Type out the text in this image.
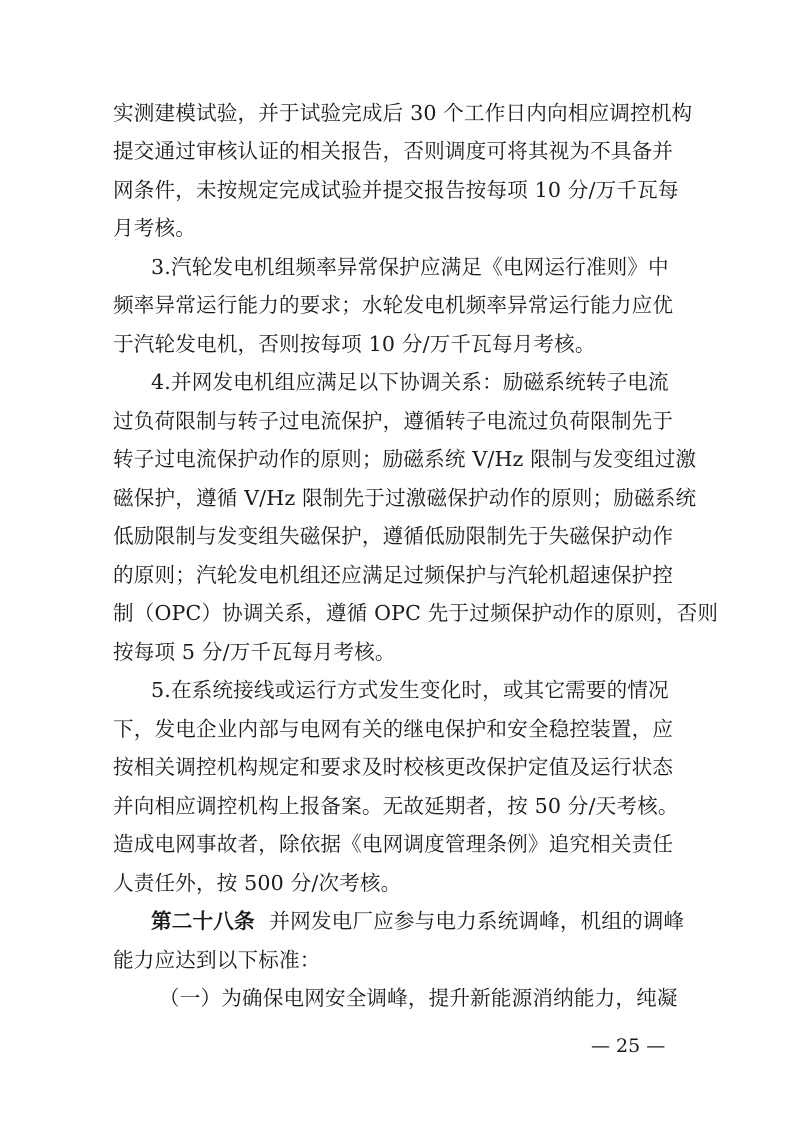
实测建模试验，并于试验完成后 30 个工作日内向相应调控机构
提交通过审核认证的相关报告，否则调度可将其视为不具备并
网条件，未按规定完成试验并提交报告按每项 10 分/万千瓦每
月考核。
3.汽轮发电机组频率异常保护应满足《电网运行准则》中
频率异常运行能力的要求；水轮发电机频率异常运行能力应优
于汽轮发电机，否则按每项 10 分/万千瓦每月考核。
4.并网发电机组应满足以下协调关系：励磁系统转子电流
过负荷限制与转子过电流保护，遵循转子电流过负荷限制先于
转子过电流保护动作的原则；励磁系统 V/Hz 限制与发变组过激
磁保护，遵循 V/Hz 限制先于过激磁保护动作的原则；励磁系统
低励限制与发变组失磁保护，遵循低励限制先于失磁保护动作
的原则；汽轮发电机组还应满足过频保护与汽轮机超速保护控
制（OPC）协调关系，遵循 OPC 先于过频保护动作的原则，否则
按每项 5 分/万千瓦每月考核。
5.在系统接线或运行方式发生变化时，或其它需要的情况
下，发电企业内部与电网有关的继电保护和安全稳控装置，应
按相关调控机构规定和要求及时校核更改保护定值及运行状态
并向相应调控机构上报备案。无故延期者，按 50 分/天考核。
造成电网事故者，除依据《电网调度管理条例》追究相关责任
人责任外，按 500 分/次考核。
第二十八条 并网发电厂应参与电力系统调峰，机组的调峰
能力应达到以下标准：
（一）为确保电网安全调峰，提升新能源消纳能力，纯凝
— 25 —
